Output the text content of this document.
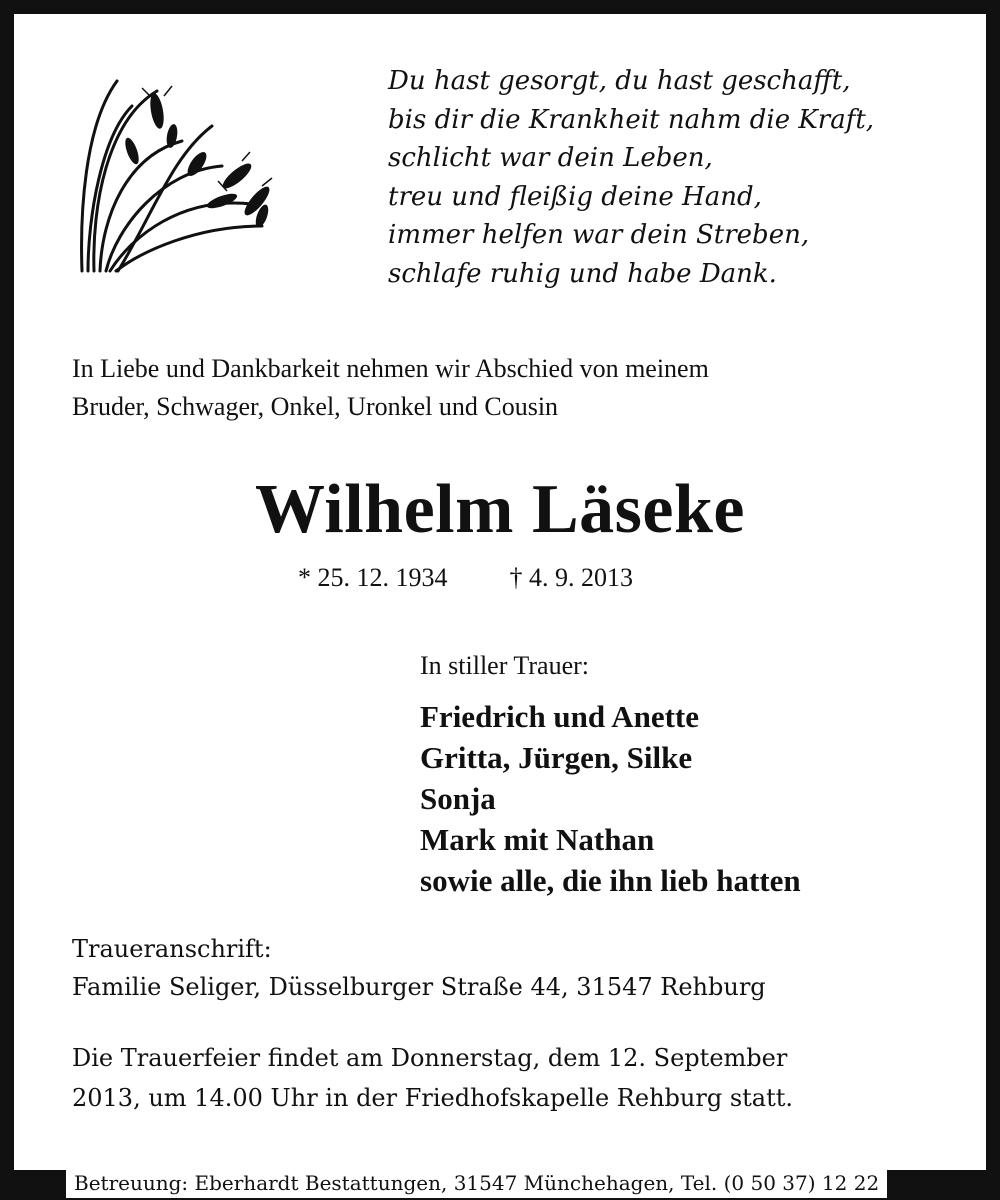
Du hast gesorgt, du hast geschafft,
bis dir die Krankheit nahm die Kraft,
schlicht war dein Leben,
treu und fleißig deine Hand,
immer helfen war dein Streben,
schlafe ruhig und habe Dank.
In Liebe und Dankbarkeit nehmen wir Abschied von meinem
Bruder, Schwager, Onkel, Uronkel und Cousin
Wilhelm Läseke
* 25. 12. 1934 † 4. 9. 2013
In stiller Trauer:
Friedrich und Anette
Gritta, Jürgen, Silke
Sonja
Mark mit Nathan
sowie alle, die ihn lieb hatten
Traueranschrift:
Familie Seliger, Düsselburger Straße 44, 31547 Rehburg
Die Trauerfeier findet am Donnerstag, dem 12. September
2013, um 14.00 Uhr in der Friedhofskapelle Rehburg statt.
Betreuung: Eberhardt Bestattungen, 31547 Münchehagen, Tel. (0 50 37) 12 22
